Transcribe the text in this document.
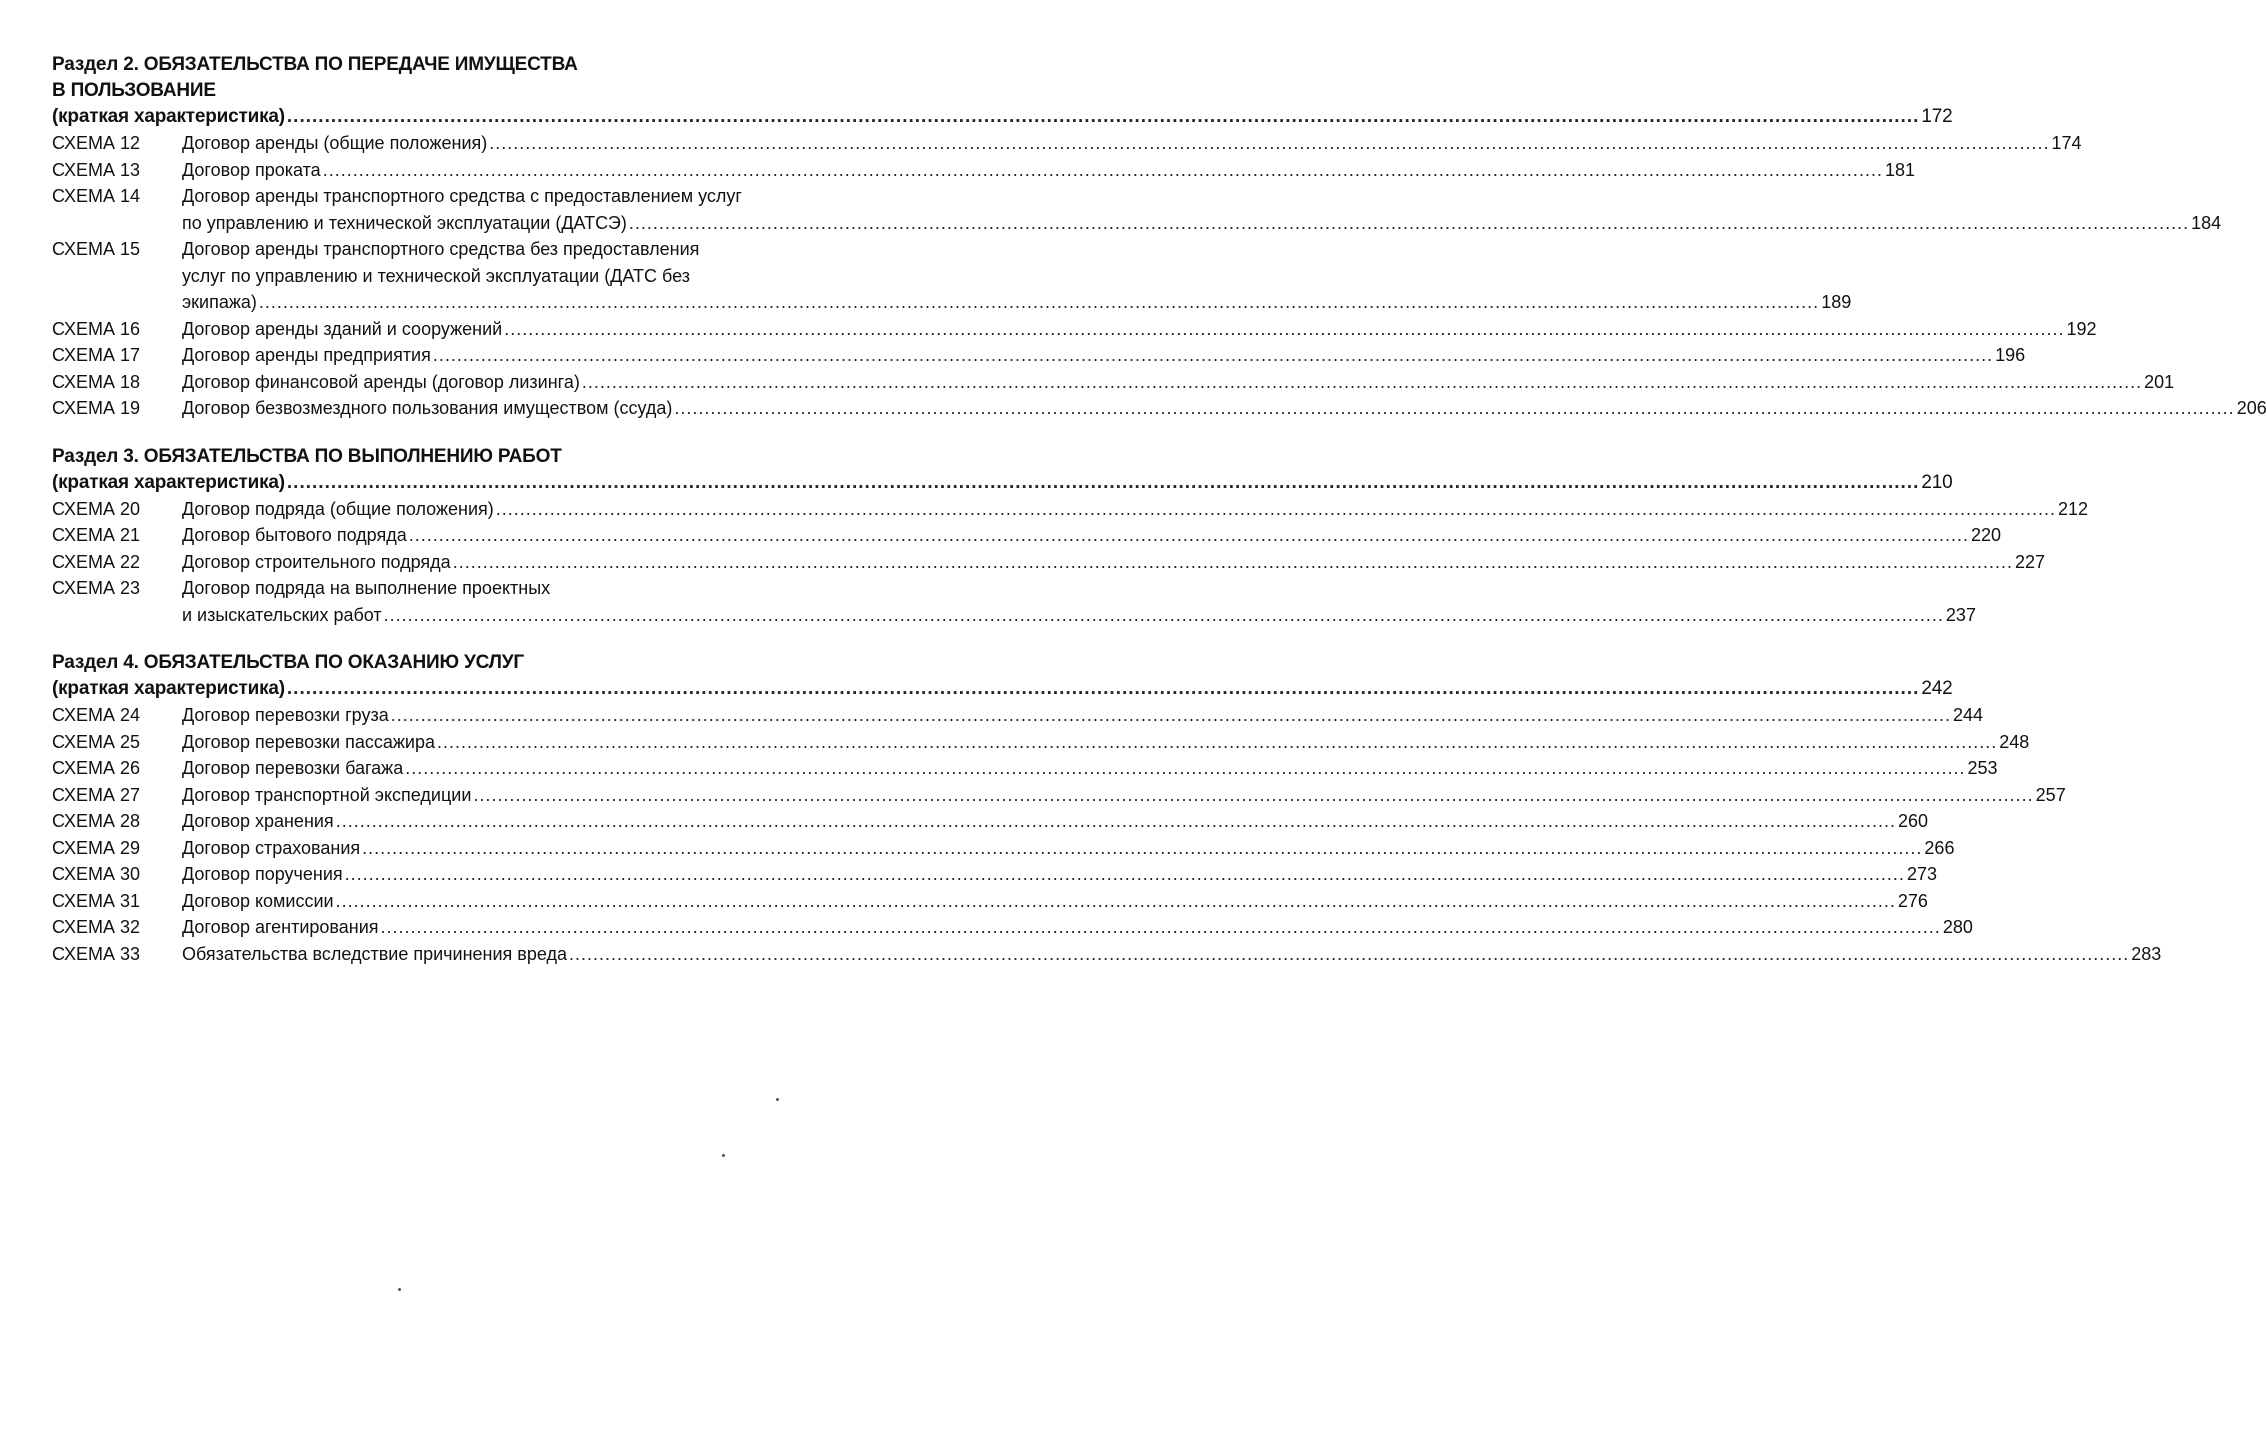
Раздел 2. ОБЯЗАТЕЛЬСТВА ПО ПЕРЕДАЧЕ ИМУЩЕСТВА
В ПОЛЬЗОВАНИЕ
(краткая характеристика) .....	172
СХЕМА 12	Договор аренды (общие положения) .....	174
СХЕМА 13	Договор проката .....	181
СХЕМА 14	Договор аренды транспортного средства с предоставлением услуг
по управлению и технической эксплуатации (ДАТСЭ) .....	184
СХЕМА 15	Договор аренды транспортного средства без предоставления
услуг по управлению и технической эксплуатации (ДАТС без
экипажа) .....	189
СХЕМА 16	Договор аренды зданий и сооружений .....	192
СХЕМА 17	Договор аренды предприятия .....	196
СХЕМА 18	Договор финансовой аренды (договор лизинга) .....	201
СХЕМА 19	Договор безвозмездного пользования имуществом (ссуда) .....	206
Раздел 3. ОБЯЗАТЕЛЬСТВА ПО ВЫПОЛНЕНИЮ РАБОТ
(краткая характеристика) .....	210
СХЕМА 20	Договор подряда (общие положения) .....	212
СХЕМА 21	Договор бытового подряда .....	220
СХЕМА 22	Договор строительного подряда .....	227
СХЕМА 23	Договор подряда на выполнение проектных
и изыскательских работ .....	237
Раздел 4. ОБЯЗАТЕЛЬСТВА ПО ОКАЗАНИЮ УСЛУГ
(краткая характеристика) .....	242
СХЕМА 24	Договор перевозки груза .....	244
СХЕМА 25	Договор перевозки пассажира .....	248
СХЕМА 26	Договор перевозки багажа .....	253
СХЕМА 27	Договор транспортной экспедиции .....	257
СХЕМА 28	Договор хранения .....	260
СХЕМА 29	Договор страхования .....	266
СХЕМА 30	Договор поручения .....	273
СХЕМА 31	Договор комиссии .....	276
СХЕМА 32	Договор агентирования .....	280
СХЕМА 33	Обязательства вследствие причинения вреда .....	283
